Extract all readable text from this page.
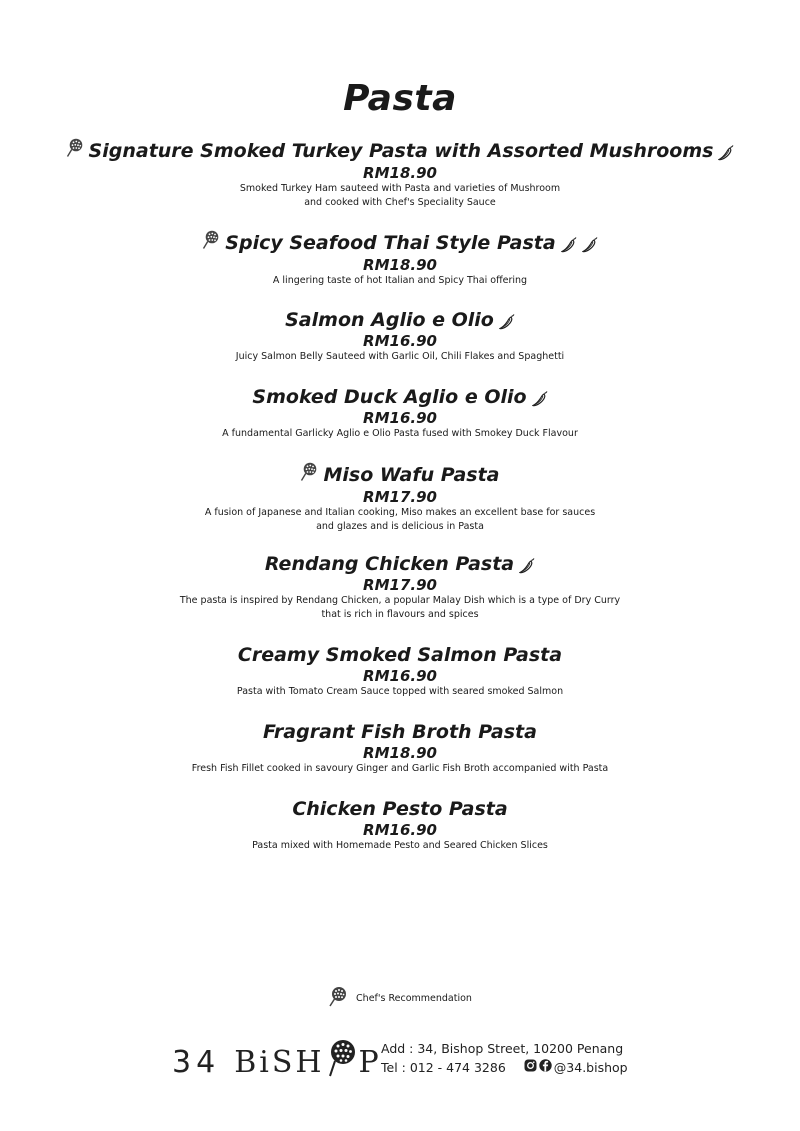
Pasta
Signature Smoked Turkey Pasta with Assorted Mushrooms
RM18.90
Smoked Turkey Ham sauteed with Pasta and varieties of Mushroom
and cooked with Chef's Speciality Sauce
Spicy Seafood Thai Style Pasta
RM18.90
A lingering taste of hot Italian and Spicy Thai offering
Salmon Aglio e Olio
RM16.90
Juicy Salmon Belly Sauteed with Garlic Oil, Chili Flakes and Spaghetti
Smoked Duck Aglio e Olio
RM16.90
A fundamental Garlicky Aglio e Olio Pasta fused with Smokey Duck Flavour
Miso Wafu Pasta
RM17.90
A fusion of Japanese and Italian cooking, Miso makes an excellent base for sauces
and glazes and is delicious in Pasta
Rendang Chicken Pasta
RM17.90
The pasta is inspired by Rendang Chicken, a popular Malay Dish which is a type of Dry Curry
that is rich in flavours and spices
Creamy Smoked Salmon Pasta
RM16.90
Pasta with Tomato Cream Sauce topped with seared smoked Salmon
Fragrant Fish Broth Pasta
RM18.90
Fresh Fish Fillet cooked in savoury Ginger and Garlic Fish Broth accompanied with Pasta
Chicken Pesto Pasta
RM16.90
Pasta mixed with Homemade Pesto and Seared Chicken Slices
Chef's Recommendation
34 BiSH P Add : 34, Bishop Street, 10200 Penang
Tel : 012 - 474 3286	@34.bishop
